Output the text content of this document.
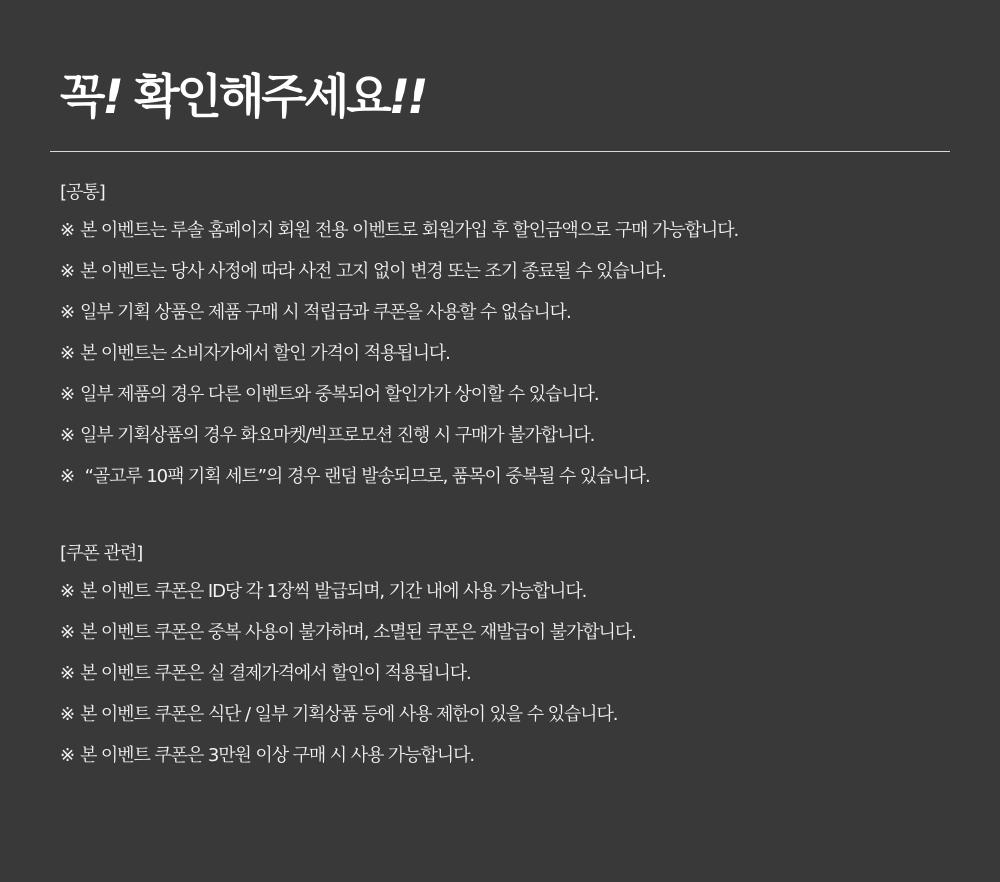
꼭! 확인해주세요!!
[공통]
※ 본 이벤트는 루솔 홈페이지 회원 전용 이벤트로 회원가입 후 할인금액으로 구매 가능합니다.
※ 본 이벤트는 당사 사정에 따라 사전 고지 없이 변경 또는 조기 종료될 수 있습니다.
※ 일부 기획 상품은 제품 구매 시 적립금과 쿠폰을 사용할 수 없습니다.
※ 본 이벤트는 소비자가에서 할인 가격이 적용됩니다.
※ 일부 제품의 경우 다른 이벤트와 중복되어 할인가가 상이할 수 있습니다.
※ 일부 기획상품의 경우 화요마켓/빅프로모션 진행 시 구매가 불가합니다.
※ “골고루 10팩 기획 세트”의 경우 랜덤 발송되므로, 품목이 중복될 수 있습니다.
[쿠폰 관련]
※ 본 이벤트 쿠폰은 ID당 각 1장씩 발급되며, 기간 내에 사용 가능합니다.
※ 본 이벤트 쿠폰은 중복 사용이 불가하며, 소멸된 쿠폰은 재발급이 불가합니다.
※ 본 이벤트 쿠폰은 실 결제가격에서 할인이 적용됩니다.
※ 본 이벤트 쿠폰은 식단 / 일부 기획상품 등에 사용 제한이 있을 수 있습니다.
※ 본 이벤트 쿠폰은 3만원 이상 구매 시 사용 가능합니다.
